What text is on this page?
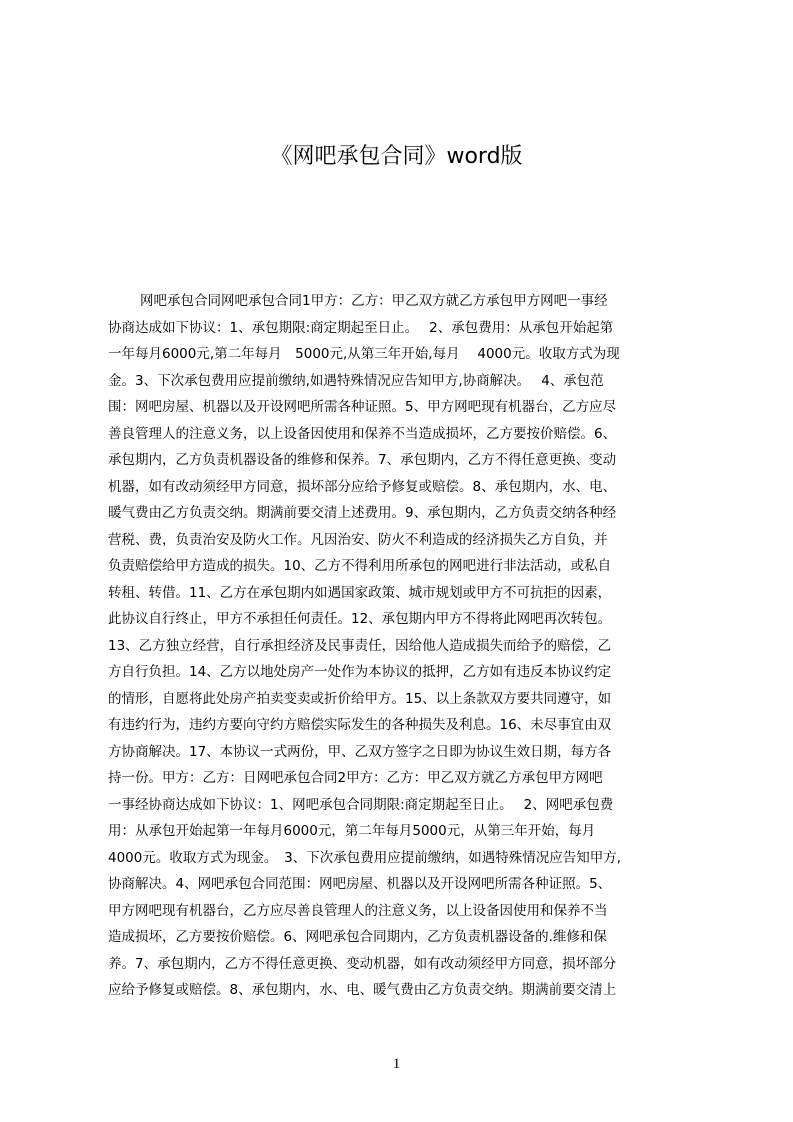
《网吧承包合同》word版
网吧承包合同网吧承包合同1甲方：乙方：甲乙双方就乙方承包甲方网吧一事经
协商达成如下协议：1、承包期限:商定期起至日止。　 2、承包费用：从承包开始起第
一年每月6000元,第二年每月　5000元,从第三年开始,每月　 4000元。收取方式为现
金。3、下次承包费用应提前缴纳,如遇特殊情况应告知甲方,协商解决。　 4、承包范
围：网吧房屋、机器以及开设网吧所需各种证照。5、甲方网吧现有机器台，乙方应尽
善良管理人的注意义务，以上设备因使用和保养不当造成损坏，乙方要按价赔偿。6、
承包期内，乙方负责机器设备的维修和保养。7、承包期内，乙方不得任意更换、变动
机器，如有改动须经甲方同意，损坏部分应给予修复或赔偿。8、承包期内，水、电、
暖气费由乙方负责交纳。期满前要交清上述费用。9、承包期内，乙方负责交纳各种经
营税、费，负责治安及防火工作。凡因治安、防火不利造成的经济损失乙方自负，并
负责赔偿给甲方造成的损失。10、乙方不得利用所承包的网吧进行非法活动，或私自
转租、转借。11、乙方在承包期内如遇国家政策、城市规划或甲方不可抗拒的因素，
此协议自行终止，甲方不承担任何责任。12、承包期内甲方不得将此网吧再次转包。
13、乙方独立经营，自行承担经济及民事责任，因给他人造成损失而给予的赔偿，乙
方自行负担。14、乙方以地处房产一处作为本协议的抵押，乙方如有违反本协议约定
的情形，自愿将此处房产拍卖变卖或折价给甲方。15、以上条款双方要共同遵守，如
有违约行为，违约方要向守约方赔偿实际发生的各种损失及利息。16、未尽事宜由双
方协商解决。17、本协议一式两份，甲、乙双方签字之日即为协议生效日期，每方各
持一份。甲方：乙方：日网吧承包合同2甲方：乙方：甲乙双方就乙方承包甲方网吧
一事经协商达成如下协议：1、网吧承包合同期限:商定期起至日止。　 2、网吧承包费
用：从承包开始起第一年每月6000元，第二年每月5000元，从第三年开始，每月
4000元。收取方式为现金。　3、下次承包费用应提前缴纳，如遇特殊情况应告知甲方,
协商解决。4、网吧承包合同范围：网吧房屋、机器以及开设网吧所需各种证照。5、
甲方网吧现有机器台，乙方应尽善良管理人的注意义务，以上设备因使用和保养不当
造成损坏，乙方要按价赔偿。6、网吧承包合同期内，乙方负责机器设备的.维修和保
养。7、承包期内，乙方不得任意更换、变动机器，如有改动须经甲方同意，损坏部分
应给予修复或赔偿。8、承包期内，水、电、暖气费由乙方负责交纳。期满前要交清上
1
